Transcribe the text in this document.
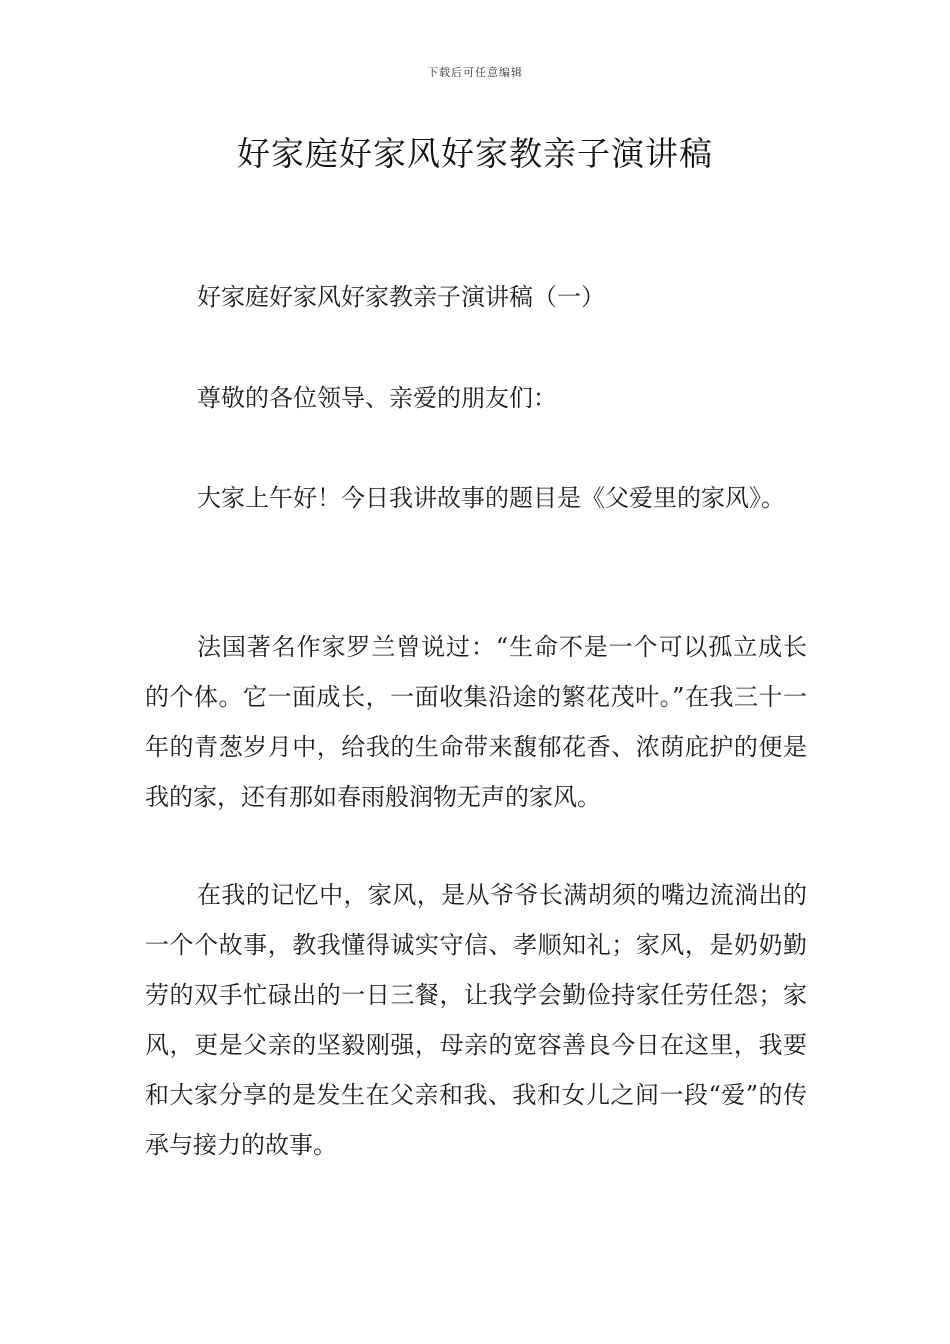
下载后可任意编辑
好家庭好家风好家教亲子演讲稿

好家庭好家风好家教亲子演讲稿（一）

尊敬的各位领导、亲爱的朋友们：

大家上午好！今日我讲故事的题目是《父爱里的家风》。

法国著名作家罗兰曾说过：“生命不是一个可以孤立成长的个体。它一面成长，一面收集沿途的繁花茂叶。”在我三十一年的青葱岁月中，给我的生命带来馥郁花香、浓荫庇护的便是我的家，还有那如春雨般润物无声的家风。

在我的记忆中，家风，是从爷爷长满胡须的嘴边流淌出的一个个故事，教我懂得诚实守信、孝顺知礼；家风，是奶奶勤劳的双手忙碌出的一日三餐，让我学会勤俭持家任劳任怨；家风，更是父亲的坚毅刚强，母亲的宽容善良今日在这里，我要和大家分享的是发生在父亲和我、我和女儿之间一段“爱”的传承与接力的故事。
